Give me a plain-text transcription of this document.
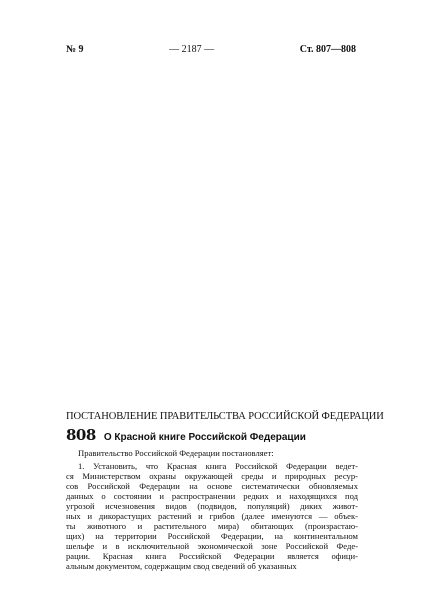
№ 9	— 2187 —	Ст. 807—808
ПОСТАНОВЛЕНИЕ ПРАВИТЕЛЬСТВА РОССИЙСКОЙ ФЕДЕРАЦИИ
808 О Красной книге Российской Федерации

Правительство Российской Федерации постановляет:

1. Установить, что Красная книга Российской Федерации ведет-
ся Министерством охраны окружающей среды и природных ресур-
сов Российской Федерации на основе систематически обновляемых
данных о состоянии и распространении редких и находящихся под
угрозой исчезновения видов (подвидов, популяций) диких живот-
ных и дикорастущих растений и грибов (далее именуются — объек-
ты животного и растительного мира) обитающих (произрастаю-
щих) на территории Российской Федерации, на континентальном
шельфе и в исключительной экономической зоне Российской Феде-
рации. Красная книга Российской Федерации является офици-
альным документом, содержащим свод сведений об указанных
